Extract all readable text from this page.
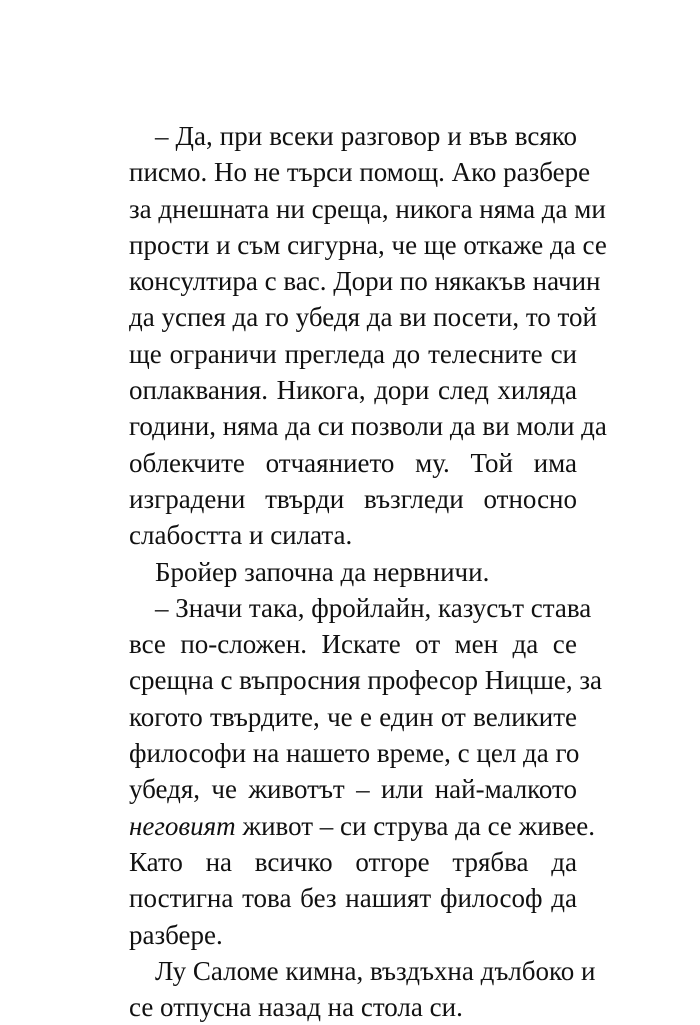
– Да, при всеки разговор и във всяко
писмо. Но не търси помощ. Ако разбере
за днешната ни среща, никога няма да ми
прости и съм сигурна, че ще откаже да се
консултира с вас. Дори по някакъв начин
да успея да го убедя да ви посети, то той
ще ограничи прегледа до телесните си
оплаквания. Никога, дори след хиляда
години, няма да си позволи да ви моли да
облекчите отчаянието му. Той има
изградени твърди възгледи относно
слабостта и силата.
Бройер започна да нервничи.
– Значи така, фройлайн, казусът става
все по-сложен. Искате от мен да се
срещна с въпросния професор Ницше, за
когото твърдите, че е един от великите
философи на нашето време, с цел да го
убедя, че животът – или най-малкото
неговият живот – си струва да се живее.
Като на всичко отгоре трябва да
постигна това без нашият философ да
разбере.
Лу Саломе кимна, въздъхна дълбоко и
се отпусна назад на стола си.
